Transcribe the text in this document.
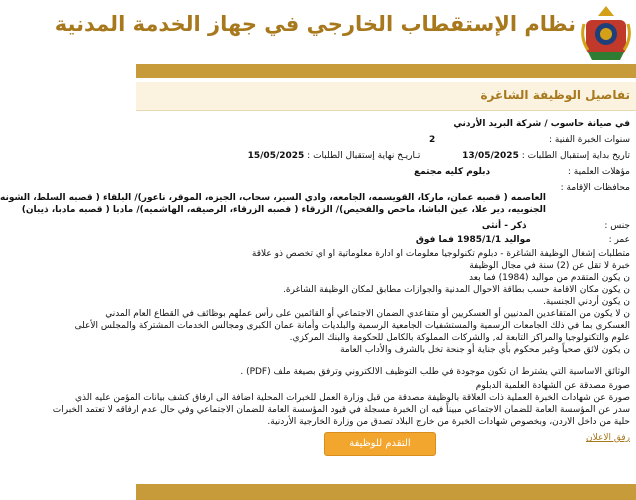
نظام الإستقطاب الخارجي في جهاز الخدمة المدنية
تفاصيل الوظيفة الشاغرة
في صيانة حاسوب / شركة البريد الأردني
سنوات الخبرة الفنية :  2
تاريخ بداية إستقبال الطلبات : 13/05/2025  تـاريـخ نهاية إستقبال الطلبات : 15/05/2025
مؤهلات العلمية :  دبلوم كليه مجتمع
محافظات الإقامة :
العاصمه ( قصبه عمان، ماركا، القويسمه، الجامعه، وادي السير، سحاب، الجيزه، الموقر، ناعور)/ البلقاء ( قصبه السلط، الشونه
الجنوبيه، دير علا، عين الباشا، ماحص والفحيص)/ الزرقاء ( قصبه الزرقاء، الرصيفه، الهاشميه)/ مادبا ( قصبه مادبا، ذيبان)
جنس :  ذكر - أنثى
عمر :  مواليد 1985/1/1 فما فوق
متطلبات إشغال الوظيفة الشاغرة - دبلوم تكنولوجيا معلومات او ادارة معلوماتية او اي تخصص ذو علاقة
خبرة لا تقل عن (2) سنة في مجال الوظيفة
ن يكون المتقدم من مواليد (1984) فما بعد
ن يكون مكان الاقامة حسب بطاقة الاحوال المدنية والجوازات مطابق لمكان الوظيفة الشاغرة.
ن يكون أردني الجنسية.
ن لا يكون من المتقاعدين المدنيين أو العسكريين أو متقاعدي الضمان الاجتماعي أو القائمين على رأس عملهم بوظائف في القطاع العام المدني
العسكري بما في ذلك الجامعات الرسمية والمستشفيات الجامعية الرسمية والبلديات وأمانة عمان الكبرى ومجالس الخدمات المشتركة والمجلس الأعلى
علوم والتكنولوجيا والمراكز التابعة له, والشركات المملوكة بالكامل للحكومة والبنك المركزي.
ن يكون لائق صحياً وغير محكوم بأي جناية أو جنحة تخل بالشرف والأداب العامة
الوثائق الاساسية التي يشترط ان تكون موجودة في طلب التوظيف الالكتروني وترفق بصيغة ملف (PDF) .
صورة مصدقة عن الشهادة العلمية الدبلوم
صورة عن شهادات الخبرة العملية ذات العلاقة بالوظيفة مصدقة من قبل وزارة العمل للخبرات المحلية اضافة الى ارفاق كشف بيانات المؤمن عليه الذي
سدر عن المؤسسة العامة للضمان الاجتماعي مبيناً فيه ان الخبرة مسجلة في قيود المؤسسة العامة للضمان الاجتماعي وفي حال عدم ارفاقه لا تعتمد الخبرات
حلية من داخل الاردن، وبخصوص شهادات الخبرة من خارج البلاد تصدق من وزارة الخارجية الأردنية.
رفق الاعلان
التقدم للوظيفة
